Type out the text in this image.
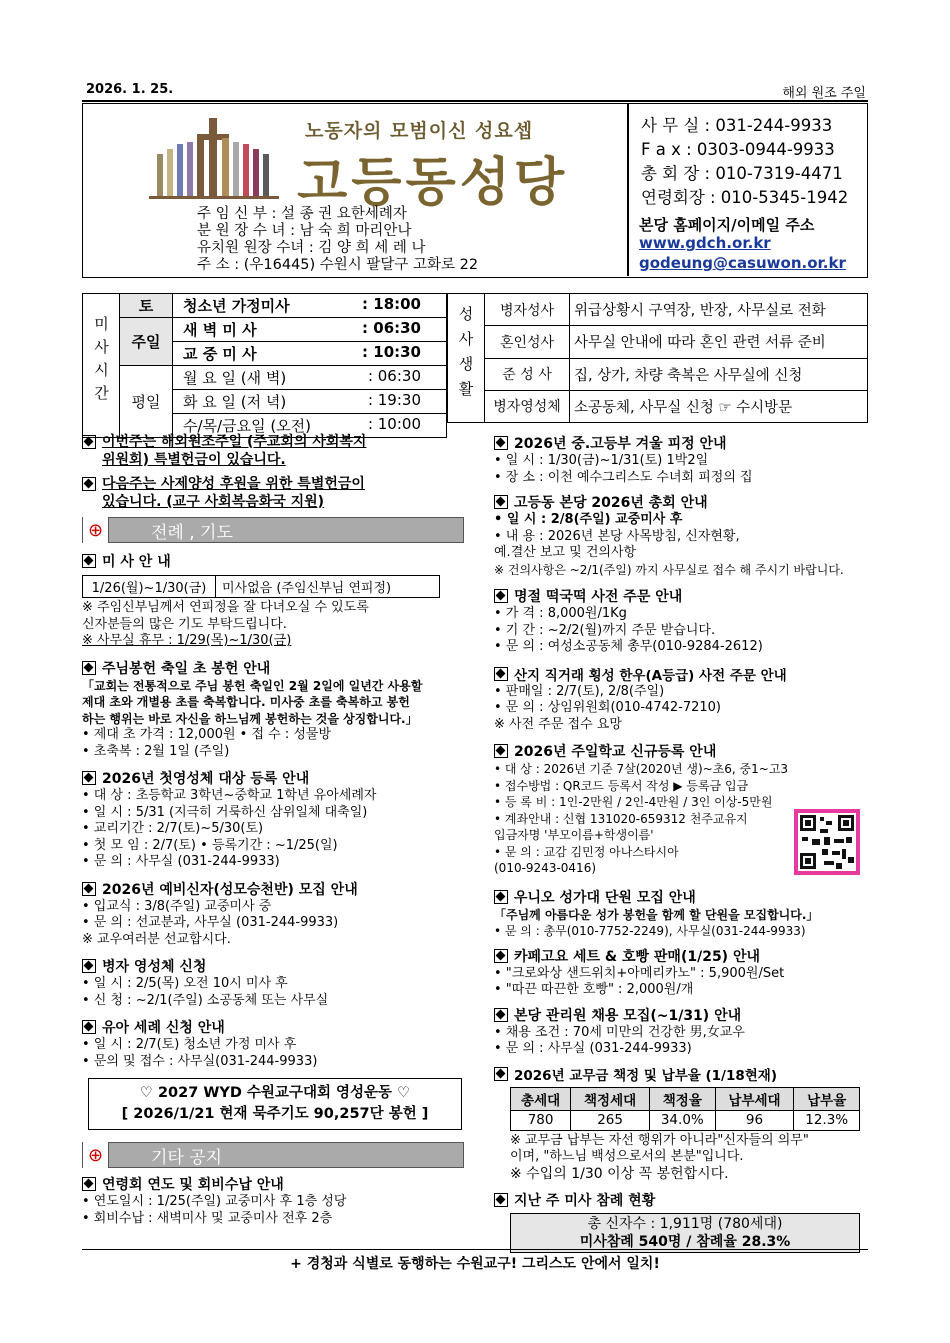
2026. 1. 25.	해외 원조 주일
노동자의 모범이신 성요셉
고등동성당
주 임 신 부 : 설 종 권 요한세례자
분 원 장 수 녀 : 남 숙 희 마리안나
유치원 원장 수녀 : 김 양 희 세 레 나
주 소 : (우16445) 수원시 팔달구 고화로 22
사 무 실 : 031-244-9933
F a x : 0303-0944-9933
총 회 장 : 010-7319-4471
연령회장 : 010-5345-1942
본당 홈페이지/이메일 주소
www.gdch.or.kr
godeung@casuwon.or.kr
미사시간	토	청소년 가정미사 : 18:00

	주일	새 벽 미 사 : 06:30

		교 중 미 사 : 10:30

	평일	월 요 일 (새 벽) : 06:30

		화 요 일 (저 녁) : 19:30

		수/목/금요일 (오전) : 10:00
성사생활	병자성사	위급상황시 구역장, 반장, 사무실로 전화
	혼인성사	사무실 안내에 따라 혼인 관련 서류 준비
	준 성 사	집, 상가, 차량 축복은 사무실에 신청
	병자영성체	소공동체, 사무실 신청 ☞ 수시방문
이번주는 해외원조주일 (주교회의 사회복지
위원회) 특별헌금이 있습니다.
다음주는 사제양성 후원을 위한 특별헌금이
있습니다. (교구 사회복음화국 지원)
⊕	전례 , 기도
미 사 안 내
1/26(월)~1/30(금)	미사없음 (주임신부님 연피정)

※ 주임신부님께서 연피정을 잘 다녀오실 수 있도록

신자분들의 많은 기도 부탁드립니다.

※ 사무실 휴무 : 1/29(목)~1/30(금)

주님봉헌 축일 초 봉헌 안내

「교회는 전통적으로 주님 봉헌 축일인 2월 2일에 일년간 사용할

제대 초와 개별용 초를 축복합니다. 미사중 초를 축복하고 봉헌

하는 행위는 바로 자신을 하느님께 봉헌하는 것을 상징합니다.」

• 제대 초 가격 : 12,000원 • 접 수 : 성물방

• 초축복 : 2월 1일 (주일)

2026년 첫영성체 대상 등록 안내

• 대 상 : 초등학교 3학년~중학교 1학년 유아세례자

• 일 시 : 5/31 (지극히 거룩하신 삼위일체 대축일)

• 교리기간 : 2/7(토)~5/30(토)

• 첫 모 임 : 2/7(토) • 등록기간 : ~1/25(일)

• 문 의 : 사무실 (031-244-9933)

2026년 예비신자(성모승천반) 모집 안내

• 입교식 : 3/8(주일) 교중미사 중

• 문 의 : 선교분과, 사무실 (031-244-9933)

※ 교우여러분 선교합시다.

병자 영성체 신청

• 일 시 : 2/5(목) 오전 10시 미사 후

• 신 청 : ~2/1(주일) 소공동체 또는 사무실

유아 세례 신청 안내

• 일 시 : 2/7(토) 청소년 가정 미사 후

• 문의 및 접수 : 사무실(031-244-9933)

♡ 2027 WYD 수원교구대회 영성운동 ♡
[ 2026/1/21 현재 묵주기도 90,257단 봉헌 ]
⊕	기타 공지
연령회 연도 및 회비수납 안내

• 연도일시 : 1/25(주일) 교중미사 후 1층 성당

• 회비수납 : 새벽미사 및 교중미사 전후 2층

2026년 중.고등부 겨울 피정 안내

• 일 시 : 1/30(금)~1/31(토) 1박2일

• 장 소 : 이천 예수그리스도 수녀회 피정의 집

고등동 본당 2026년 총회 안내

• 일 시 : 2/8(주일) 교중미사 후

• 내 용 : 2026년 본당 사목방침, 신자현황,

예.결산 보고 및 건의사항

※ 건의사항은 ~2/1(주일) 까지 사무실로 접수 해 주시기 바랍니다.

명절 떡국떡 사전 주문 안내

• 가 격 : 8,000원/1Kg

• 기 간 : ~2/2(월)까지 주문 받습니다.

• 문 의 : 여성소공동체 총무(010-9284-2612)

산지 직거래 횡성 한우(A등급) 사전 주문 안내

• 판매일 : 2/7(토), 2/8(주일)

• 문 의 : 상임위원회(010-4742-7210)

※ 사전 주문 접수 요망

2026년 주일학교 신규등록 안내

• 대 상 : 2026년 기준 7살(2020년 생)~초6, 중1~고3

• 접수방법 : QR코드 등록서 작성 ▶ 등록금 입금

• 등 록 비 : 1인-2만원 / 2인-4만원 / 3인 이상-5만원

• 계좌안내 : 신협 131020-659312 천주교유지

입금자명 '부모이름+학생이름'

• 문 의 : 교감 김민정 아나스타시아

(010-9243-0416)

우니오 성가대 단원 모집 안내

「주님께 아름다운 성가 봉헌을 함께 할 단원을 모집합니다.」

• 문 의 : 총무(010-7752-2249), 사무실(031-244-9933)

카페고요 세트 & 호빵 판매(1/25) 안내

• "크로와상 샌드위치+아메리카노" : 5,900원/Set

• "따끈 따끈한 호빵" : 2,000원/개

본당 관리원 채용 모집(~1/31) 안내

• 채용 조건 : 70세 미만의 건강한 男,女교우

• 문 의 : 사무실 (031-244-9933)

2026년 교무금 책정 및 납부율 (1/18현재)
총세대	책정세대	책정율	납부세대	납부율
780	265	34.0%	96	12.3%

※ 교무금 납부는 자선 행위가 아니라"신자들의 의무"

이며, "하느님 백성으로서의 본분"입니다.

※ 수입의 1/30 이상 꼭 봉헌합시다.

지난 주 미사 참례 현황
총 신자수 : 1,911명 (780세대)
미사참례 540명 / 참례율 28.3%
+ 경청과 식별로 동행하는 수원교구! 그리스도 안에서 일치!
